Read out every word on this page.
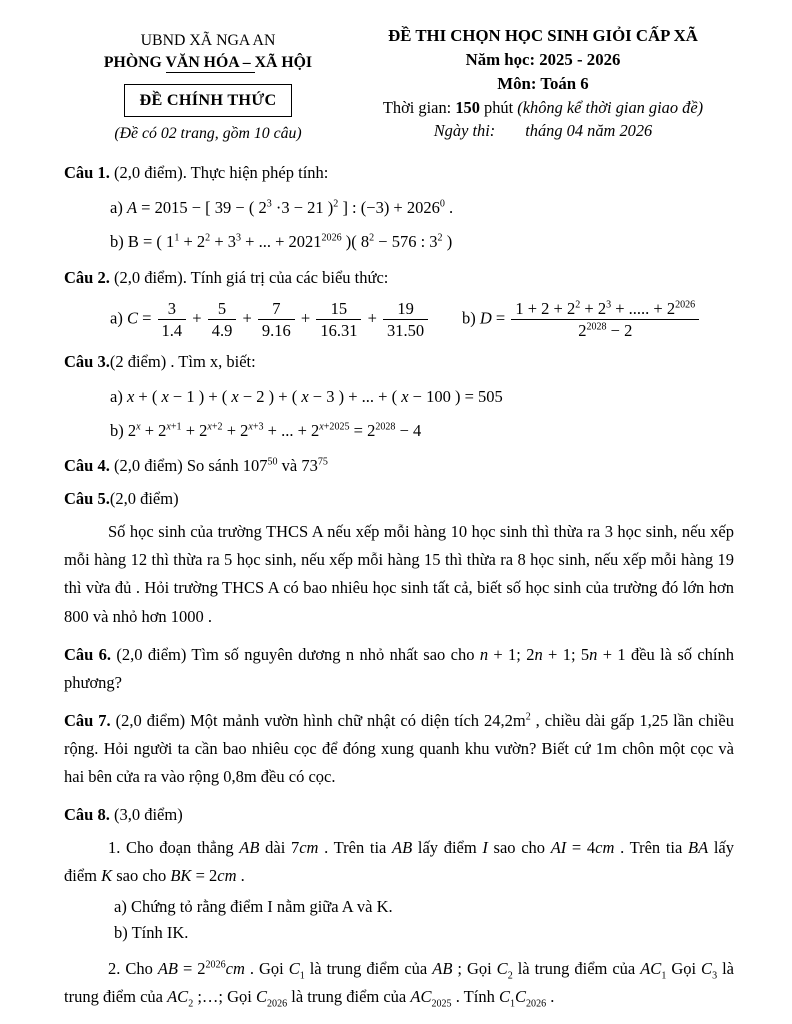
UBND XÃ NGA AN
PHÒNG VĂN HÓA – XÃ HỘI
ĐỀ CHÍNH THỨC
(Đề có 02 trang, gồm 10 câu)
ĐỀ THI CHỌN HỌC SINH GIỎI CẤP XÃ
Năm học: 2025 - 2026
Môn: Toán 6
Thời gian: 150 phút (không kể thời gian giao đề)
Ngày thi: tháng 04 năm 2026

Câu 1. (2,0 điểm). Thực hiện phép tính:

a) A = 2015 − [ 39 − ( $2^3 \cdot 3 - 21$ )$^2$ ] : $(-3) + 2026^0$ .

b) B = ( $1^1 + 2^2 + 3^3$ + ... + $2021^{2026}$ )( $8^2 - 576$ : $3^2$ )

Câu 2. (2,0 điểm). Tính giá trị của các biểu thức:

a) $C = \frac{3}{1.4} + \frac{5}{4.9} + \frac{7}{9.16} + \frac{15}{16.31} + \frac{19}{31.50} b$) $D = \frac{1 + 2 + 2^2 + 2^3 + ..... + 2^{2026}}{2^{2028} - 2}$

Câu 3.(2 điểm) . Tìm x, biết:

a) x + ( x − 1 ) + ( x − 2 ) + ( x − 3 ) + ... + ( x − 100 ) = 505

b) $2^x + 2^{x+1} + 2^{x+2} + 2^{x+3}$ + ... + $2^{x+2025} = 2^{2028} - 4$

Câu 4. (2,0 điểm) So sánh $107^{50}$ và $73^{75}$

Câu 5.(2,0 điểm)

Số học sinh của trường THCS A nếu xếp mỗi hàng 10 học sinh thì thừa ra 3 học sinh, nếu xếp mỗi hàng 12 thì thừa ra 5 học sinh, nếu xếp mỗi hàng 15 thì thừa ra 8 học sinh, nếu xếp mỗi hàng 19 thì vừa đủ . Hỏi trường THCS A có bao nhiêu học sinh tất cả, biết số học sinh của trường đó lớn hơn 800 và nhỏ hơn 1000 .

Câu 6. (2,0 điểm) Tìm số nguyên dương n nhỏ nhất sao cho n + 1; 2n + 1; 5n + 1 đều là số chính phương?

Câu 7. (2,0 điểm) Một mảnh vườn hình chữ nhật có diện tích $24,2m^2$ , chiều dài gấp 1,25 lần chiều rộng. Hỏi người ta cần bao nhiêu cọc để đóng xung quanh khu vườn? Biết cứ 1m chôn một cọc và hai bên cửa ra vào rộng 0,8m đều có cọc.

Câu 8. (3,0 điểm)

1. Cho đoạn thẳng AB dài 7cm . Trên tia AB lấy điểm I sao cho AI = 4cm . Trên tia BA lấy điểm K sao cho BK = 2cm .

a) Chứng tỏ rằng điểm I nằm giữa A và K.

b) Tính IK.

2. Cho AB = $2^{2026}cm$ . Gọi $C_1$ là trung điểm của AB ; Gọi $C_2$ là trung điểm của $AC_1$ Gọi $C_3$ là trung điểm của $AC_2$ ;…; Gọi $C_{2026}$ là trung điểm của $AC_{2025}$ . Tính $C_1C_{2026}$ .
